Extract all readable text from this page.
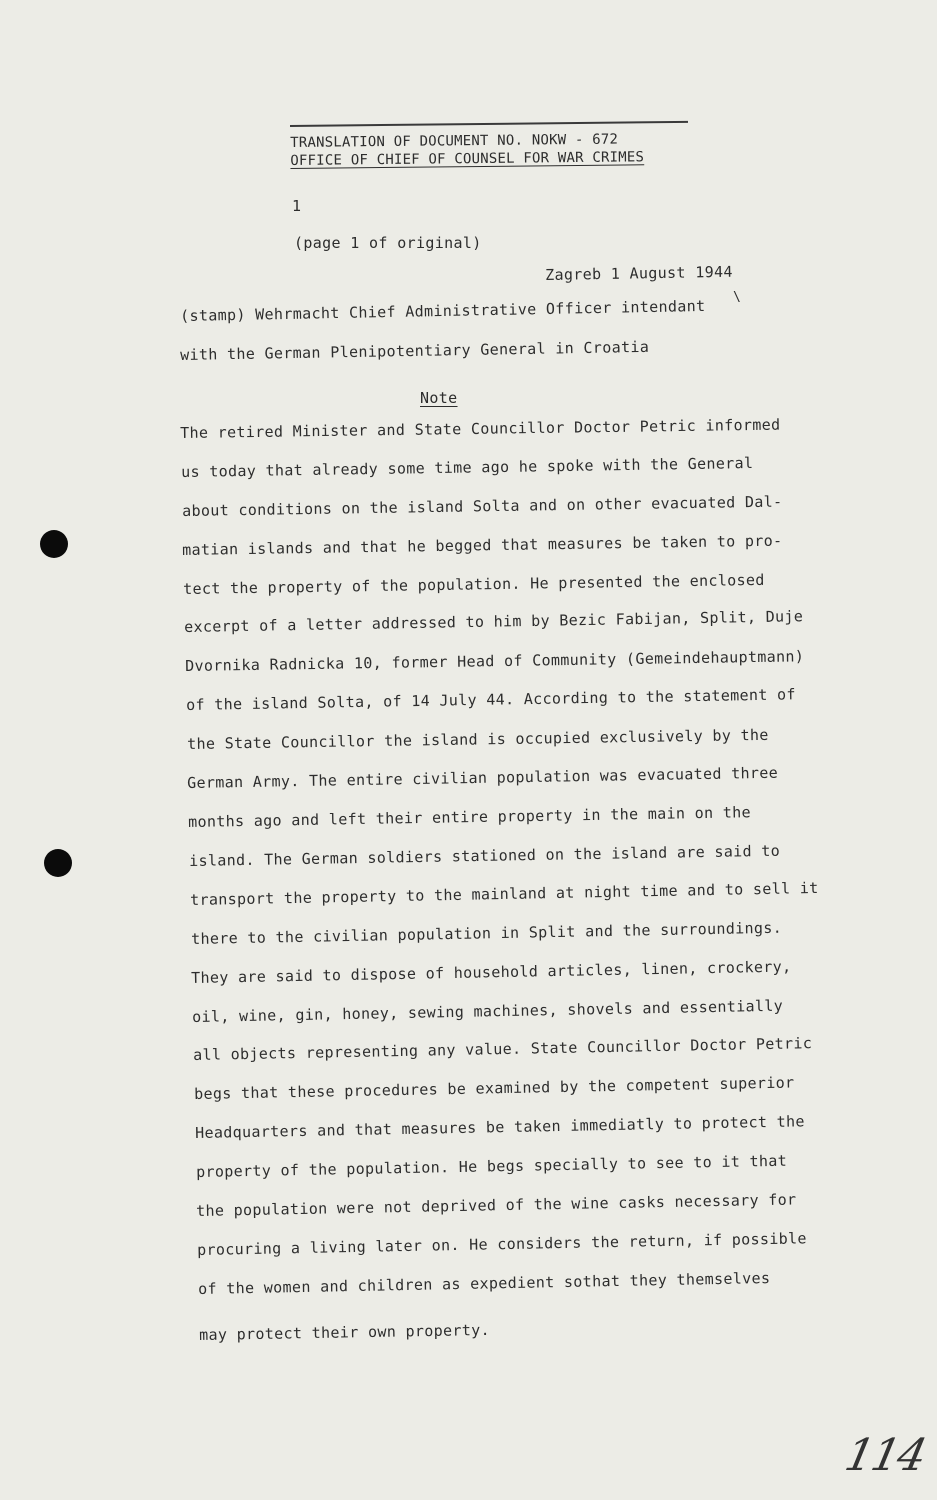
TRANSLATION OF DOCUMENT NO. NOKW - 672
OFFICE OF CHIEF OF COUNSEL FOR WAR CRIMES
1
(page 1 of original)
Zagreb 1 August 1944
\
(stamp) Wehrmacht Chief Administrative Officer intendant
with the German Plenipotentiary General in Croatia
Note
The retired Minister and State Councillor Doctor Petric informed
us today that already some time ago he spoke with the General
about conditions on the island Solta and on other evacuated Dal-
matian islands and that he begged that measures be taken to pro-
tect the property of the population. He presented the enclosed
excerpt of a letter addressed to him by Bezic Fabijan, Split, Duje
Dvornika Radnicka 10, former Head of Community (Gemeindehauptmann)
of the island Solta, of 14 July 44. According to the statement of
the State Councillor the island is occupied exclusively by the
German Army. The entire civilian population was evacuated three
months ago and left their entire property in the main on the
island. The German soldiers stationed on the island are said to
transport the property to the mainland at night time and to sell it
there to the civilian population in Split and the surroundings.
They are said to dispose of household articles, linen, crockery,
oil, wine, gin, honey, sewing machines, shovels and essentially
all objects representing any value. State Councillor Doctor Petric
begs that these procedures be examined by the competent superior
Headquarters and that measures be taken immediatly to protect the
property of the population. He begs specially to see to it that
the population were not deprived of the wine casks necessary for
procuring a living later on. He considers the return, if possible
of the women and children as expedient sothat they themselves
may protect their own property.
114
